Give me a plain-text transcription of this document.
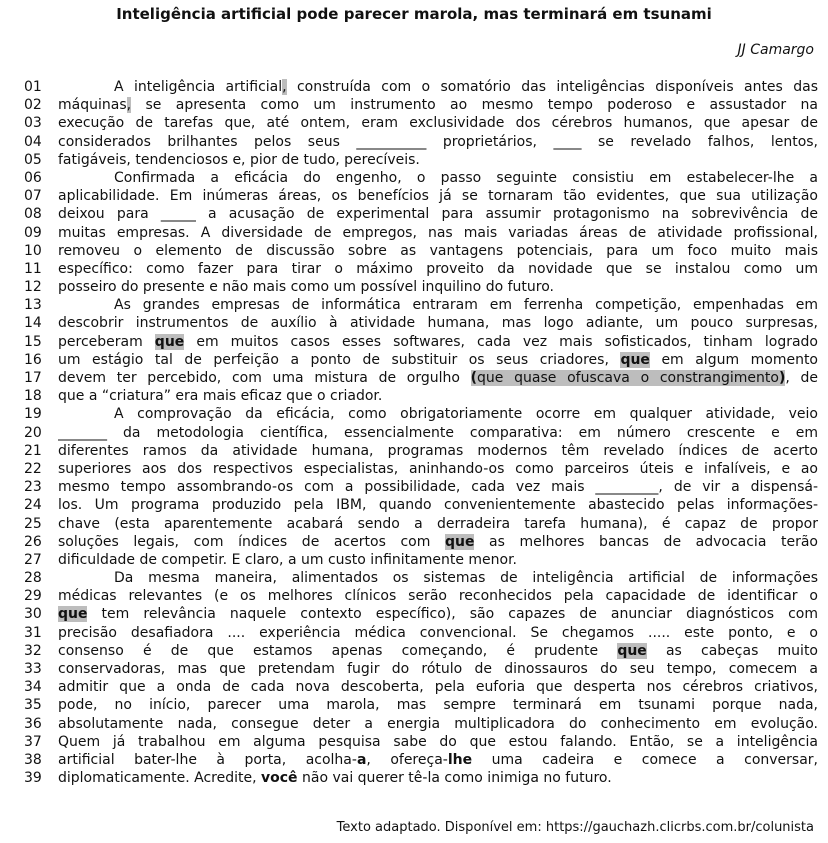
Inteligência artificial pode parecer marola, mas terminará em tsunami
JJ Camargo
01	A inteligência artificial, construída com o somatório das inteligências disponíveis antes das
02	máquinas, se apresenta como um instrumento ao mesmo tempo poderoso e assustador na
03	execução de tarefas que, até ontem, eram exclusividade dos cérebros humanos, que apesar de
04	considerados brilhantes pelos seus __________ proprietários, ____ se revelado falhos, lentos,
05	fatigáveis, tendenciosos e, pior de tudo, perecíveis.
06	Confirmada a eficácia do engenho, o passo seguinte consistiu em estabelecer-lhe a
07	aplicabilidade. Em inúmeras áreas, os benefícios já se tornaram tão evidentes, que sua utilização
08	deixou para _____ a acusação de experimental para assumir protagonismo na sobrevivência de
09	muitas empresas. A diversidade de empregos, nas mais variadas áreas de atividade profissional,
10	removeu o elemento de discussão sobre as vantagens potenciais, para um foco muito mais
11	específico: como fazer para tirar o máximo proveito da novidade que se instalou como um
12	posseiro do presente e não mais como um possível inquilino do futuro.
13	As grandes empresas de informática entraram em ferrenha competição, empenhadas em
14	descobrir instrumentos de auxílio à atividade humana, mas logo adiante, um pouco surpresas,
15	perceberam que em muitos casos esses softwares, cada vez mais sofisticados, tinham logrado
16	um estágio tal de perfeição a ponto de substituir os seus criadores, que em algum momento
17	devem ter percebido, com uma mistura de orgulho (que quase ofuscava o constrangimento), de
18	que a “criatura” era mais eficaz que o criador.
19	A comprovação da eficácia, como obrigatoriamente ocorre em qualquer atividade, veio
20	_______ da metodologia científica, essencialmente comparativa: em número crescente e em
21	diferentes ramos da atividade humana, programas modernos têm revelado índices de acerto
22	superiores aos dos respectivos especialistas, aninhando-os como parceiros úteis e infalíveis, e ao
23	mesmo tempo assombrando-os com a possibilidade, cada vez mais _________, de vir a dispensá-
24	los. Um programa produzido pela IBM, quando convenientemente abastecido pelas informações-
25	chave (esta aparentemente acabará sendo a derradeira tarefa humana), é capaz de propor
26	soluções legais, com índices de acertos com que as melhores bancas de advocacia terão
27	dificuldade de competir. E claro, a um custo infinitamente menor.
28	Da mesma maneira, alimentados os sistemas de inteligência artificial de informações
29	médicas relevantes (e os melhores clínicos serão reconhecidos pela capacidade de identificar o
30	que tem relevância naquele contexto específico), são capazes de anunciar diagnósticos com
31	precisão desafiadora .... experiência médica convencional. Se chegamos ..... este ponto, e o
32	consenso é de que estamos apenas começando, é prudente que as cabeças muito
33	conservadoras, mas que pretendam fugir do rótulo de dinossauros do seu tempo, comecem a
34	admitir que a onda de cada nova descoberta, pela euforia que desperta nos cérebros criativos,
35	pode, no início, parecer uma marola, mas sempre terminará em tsunami porque nada,
36	absolutamente nada, consegue deter a energia multiplicadora do conhecimento em evolução.
37	Quem já trabalhou em alguma pesquisa sabe do que estou falando. Então, se a inteligência
38	artificial bater-lhe à porta, acolha-a, ofereça-lhe uma cadeira e comece a conversar,
39	diplomaticamente. Acredite, você não vai querer tê-la como inimiga no futuro.
Texto adaptado. Disponível em: https://gauchazh.clicrbs.com.br/colunista
